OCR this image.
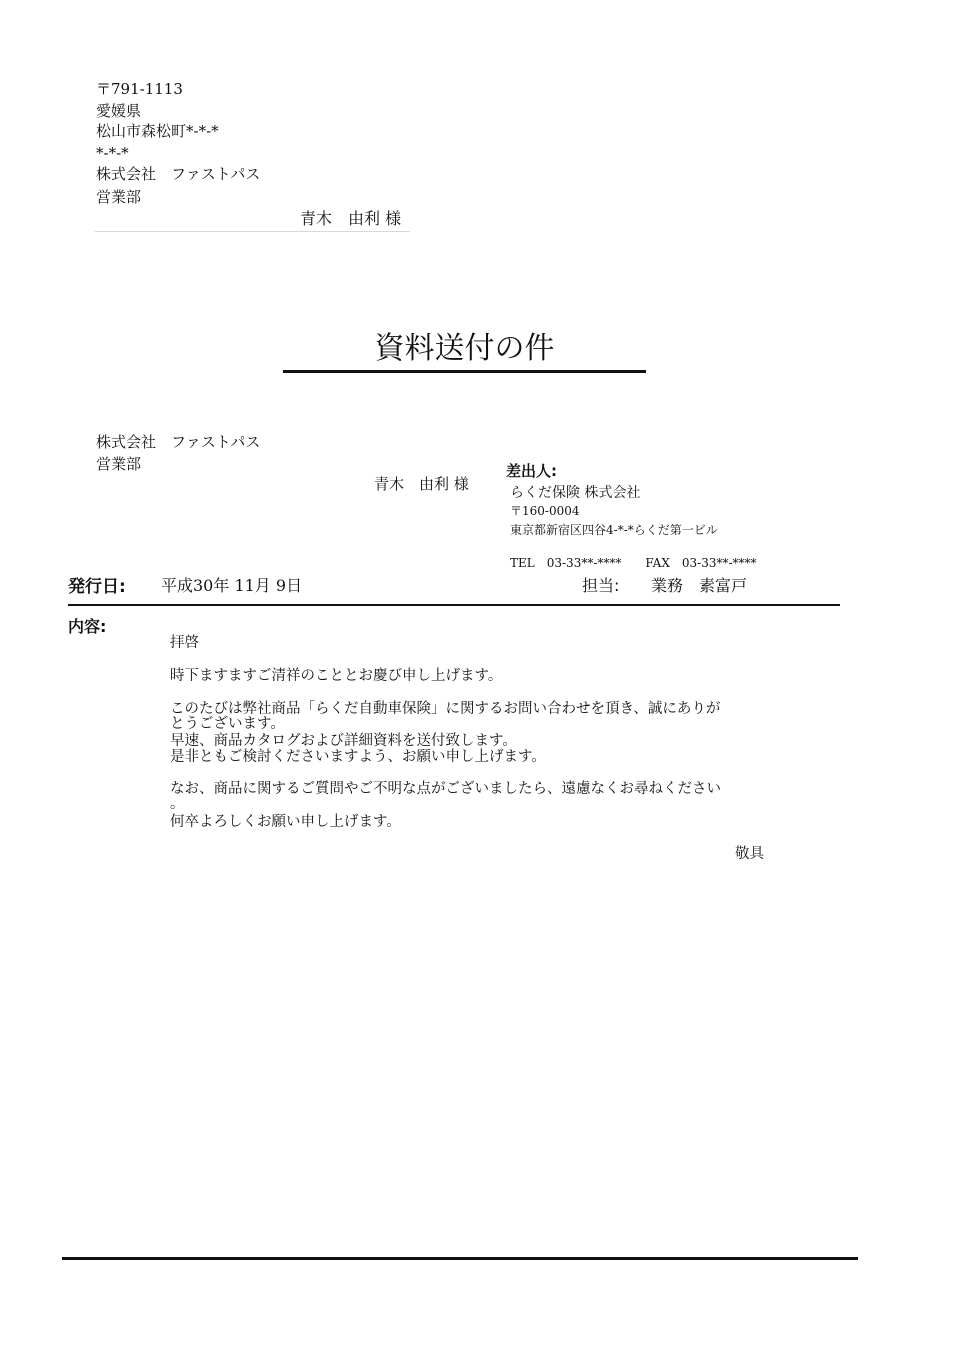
〒791-1113
愛媛県
松山市森松町*-*-*
*-*-*
株式会社　ファストパス
営業部
青木　由利 様
資料送付の件
株式会社　ファストパス
営業部
青木　由利 様
差出人:
らくだ保険 株式会社
〒160-0004
東京都新宿区四谷4-*-*らくだ第一ビル
TEL　03-33**-****　　FAX　03-33**-****
発行日: 平成30年 11月 9日	担当: 業務　素富戸
内容:
拝啓
時下ますますご清祥のこととお慶び申し上げます。
このたびは弊社商品「らくだ自動車保険」に関するお問い合わせを頂き、誠にありが
とうございます。
早速、商品カタログおよび詳細資料を送付致します。
是非ともご検討くださいますよう、お願い申し上げます。
なお、商品に関するご質問やご不明な点がございましたら、遠慮なくお尋ねください
。
何卒よろしくお願い申し上げます。
敬具
